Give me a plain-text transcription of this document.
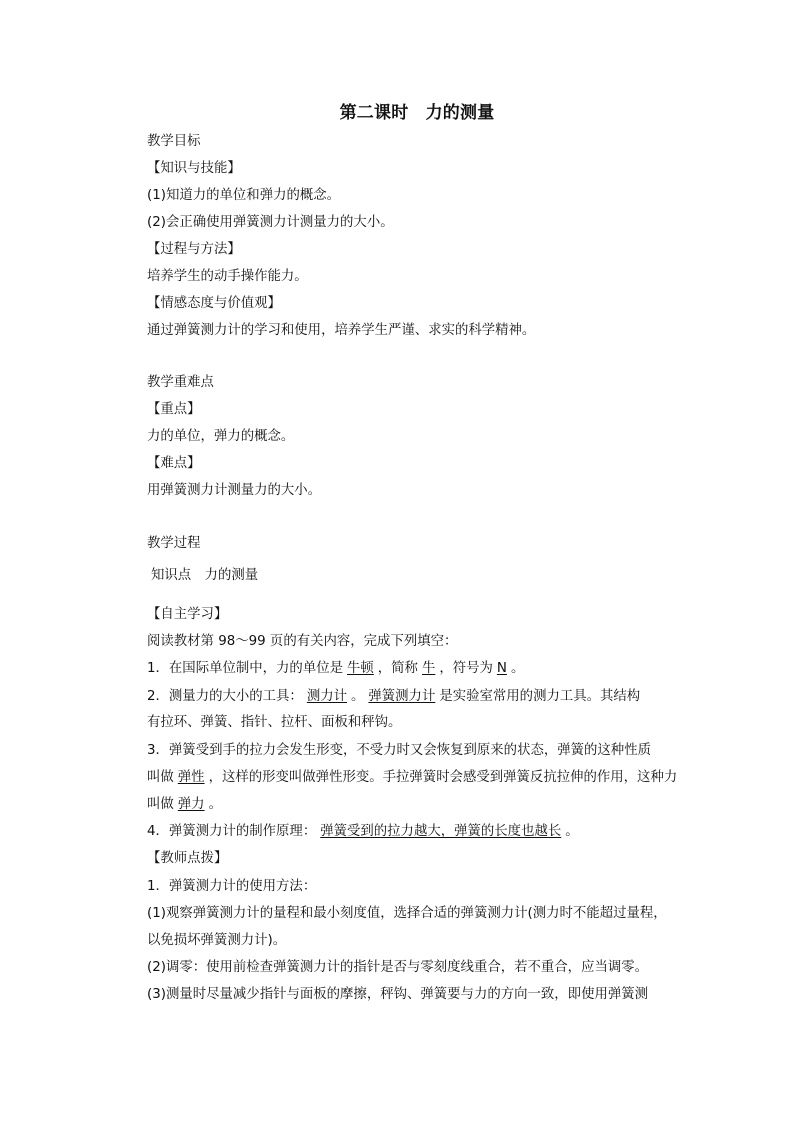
第二课时　力的测量
教学目标
【知识与技能】
(1)知道力的单位和弹力的概念。
(2)会正确使用弹簧测力计测量力的大小。
【过程与方法】
培养学生的动手操作能力。
【情感态度与价值观】
通过弹簧测力计的学习和使用，培养学生严谨、求实的科学精神。
教学重难点
【重点】
力的单位，弹力的概念。
【难点】
用弹簧测力计测量力的大小。
教学过程
知识点　力的测量
【自主学习】
阅读教材第 98～99 页的有关内容，完成下列填空：
1．在国际单位制中，力的单位是 牛顿 ，简称 牛 ，符号为 N 。
2．测量力的大小的工具： 测力计 。 弹簧测力计 是实验室常用的测力工具。其结构
有拉环、弹簧、指针、拉杆、面板和秤钩。
3．弹簧受到手的拉力会发生形变，不受力时又会恢复到原来的状态，弹簧的这种性质
叫做 弹性 ，这样的形变叫做弹性形变。手拉弹簧时会感受到弹簧反抗拉伸的作用，这种力
叫做 弹力 。
4．弹簧测力计的制作原理： 弹簧受到的拉力越大，弹簧的长度也越长 。
【教师点拨】
1．弹簧测力计的使用方法：
(1)观察弹簧测力计的量程和最小刻度值，选择合适的弹簧测力计(测力时不能超过量程，
以免损坏弹簧测力计)。
(2)调零：使用前检查弹簧测力计的指针是否与零刻度线重合，若不重合，应当调零。
(3)测量时尽量减少指针与面板的摩擦，秤钩、弹簧要与力的方向一致，即使用弹簧测
